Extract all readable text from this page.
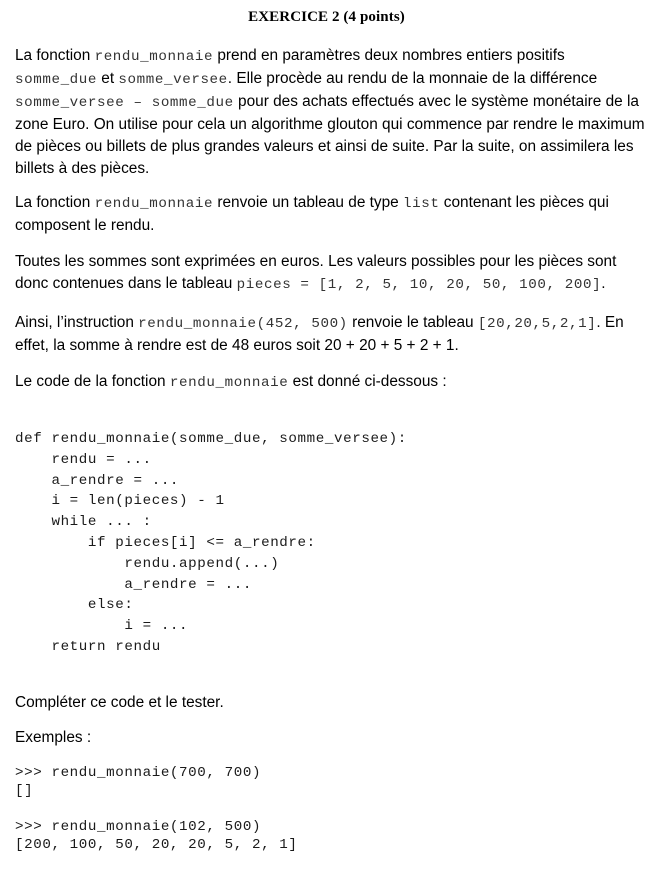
EXERCICE 2 (4 points)

La fonction rendu_monnaie prend en paramètres deux nombres entiers positifs somme_due et somme_versee. Elle procède au rendu de la monnaie de la différence somme_versee – somme_due pour des achats effectués avec le système monétaire de la zone Euro. On utilise pour cela un algorithme glouton qui commence par rendre le maximum de pièces ou billets de plus grandes valeurs et ainsi de suite. Par la suite, on assimilera les billets à des pièces.

La fonction rendu_monnaie renvoie un tableau de type list contenant les pièces qui composent le rendu.

Toutes les sommes sont exprimées en euros. Les valeurs possibles pour les pièces sont donc contenues dans le tableau pieces = [1, 2, 5, 10, 20, 50, 100, 200].

Ainsi, l’instruction rendu_monnaie(452, 500) renvoie le tableau [20,20,5,2,1]. En effet, la somme à rendre est de 48 euros soit 20 + 20 + 5 + 2 + 1.

Le code de la fonction rendu_monnaie est donné ci-dessous :

def rendu_monnaie(somme_due, somme_versee):
rendu = ...
a_rendre = ...
i = len(pieces) - 1
while ... :
if pieces[i] <= a_rendre:
rendu.append(...)
a_rendre = ...
else:
i = ...
return rendu

Compléter ce code et le tester.

Exemples :

>>> rendu_monnaie(700, 700)
[]
>>> rendu_monnaie(102, 500)
[200, 100, 50, 20, 20, 5, 2, 1]
